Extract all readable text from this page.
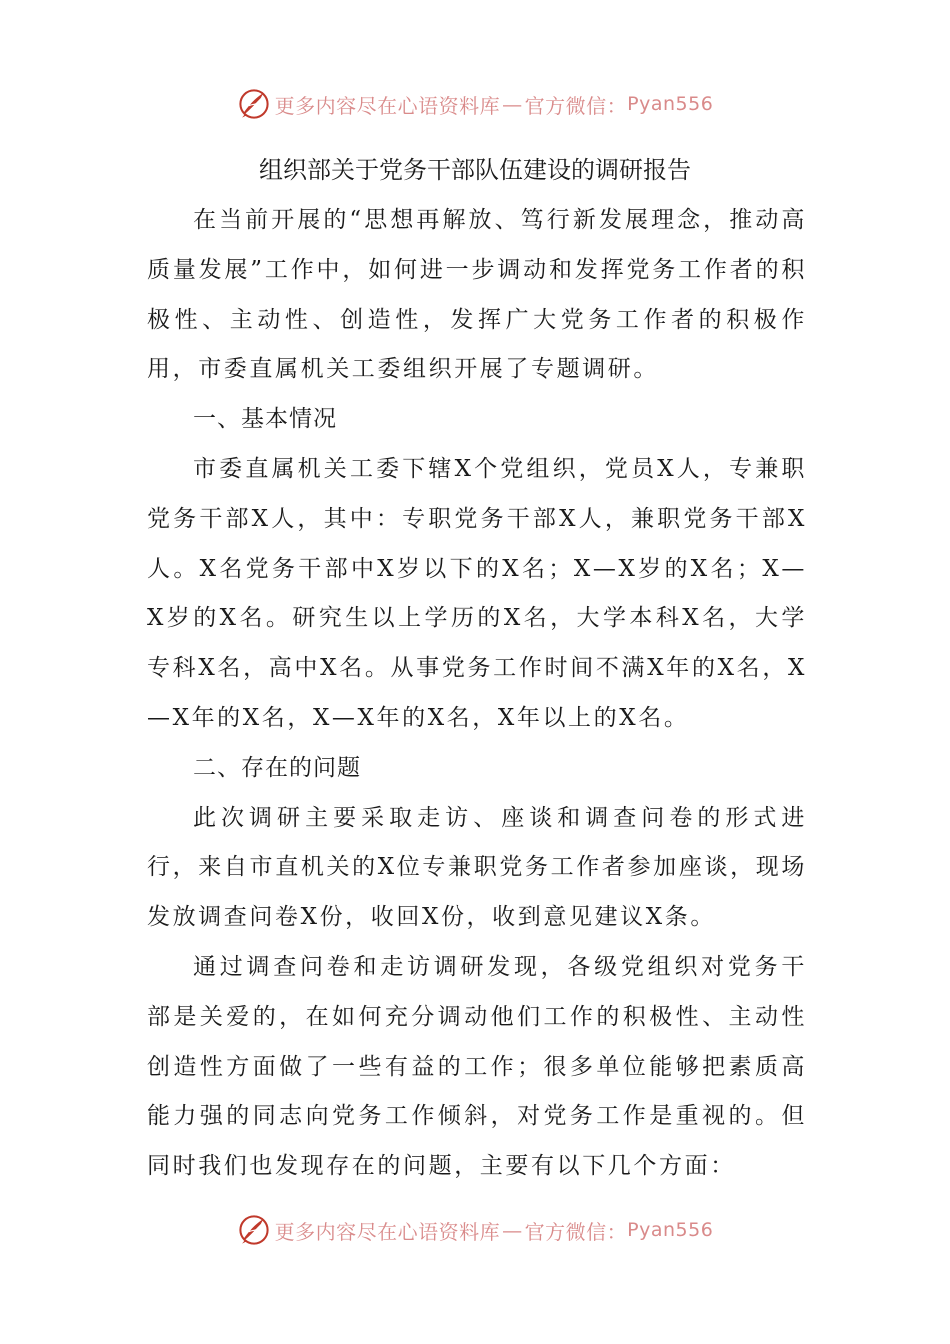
更多内容尽在心语资料库 — 官方微信： Pyan556
组织部关于党务干部队伍建设的调研报告

在当前开展的“思想再解放、笃行新发展理念，推动高质量发展”工作中，如何进一步调动和发挥党务工作者的积极性、主动性、创造性，发挥广大党务工作者的积极作用，市委直属机关工委组织开展了专题调研。

一、基本情况

市委直属机关工委下辖X个党组织，党员X人，专兼职党务干部X人，其中：专职党务干部X人，兼职党务干部X人。X名党务干部中X岁以下的X名；X—X岁的X名；X—X岁的X名。研究生以上学历的X名，大学本科X名，大学专科X名，高中X名。从事党务工作时间不满X年的X名，X—X年的X名，X—X年的X名，X年以上的X名。

二、存在的问题

此次调研主要采取走访、座谈和调查问卷的形式进行，来自市直机关的X位专兼职党务工作者参加座谈，现场发放调查问卷X份，收回X份，收到意见建议X条。

通过调查问卷和走访调研发现，各级党组织对党务干部是关爱的，在如何充分调动他们工作的积极性、主动性创造性方面做了一些有益的工作；很多单位能够把素质高能力强的同志向党务工作倾斜，对党务工作是重视的。但同时我们也发现存在的问题，主要有以下几个方面：

更多内容尽在心语资料库 — 官方微信： Pyan556
